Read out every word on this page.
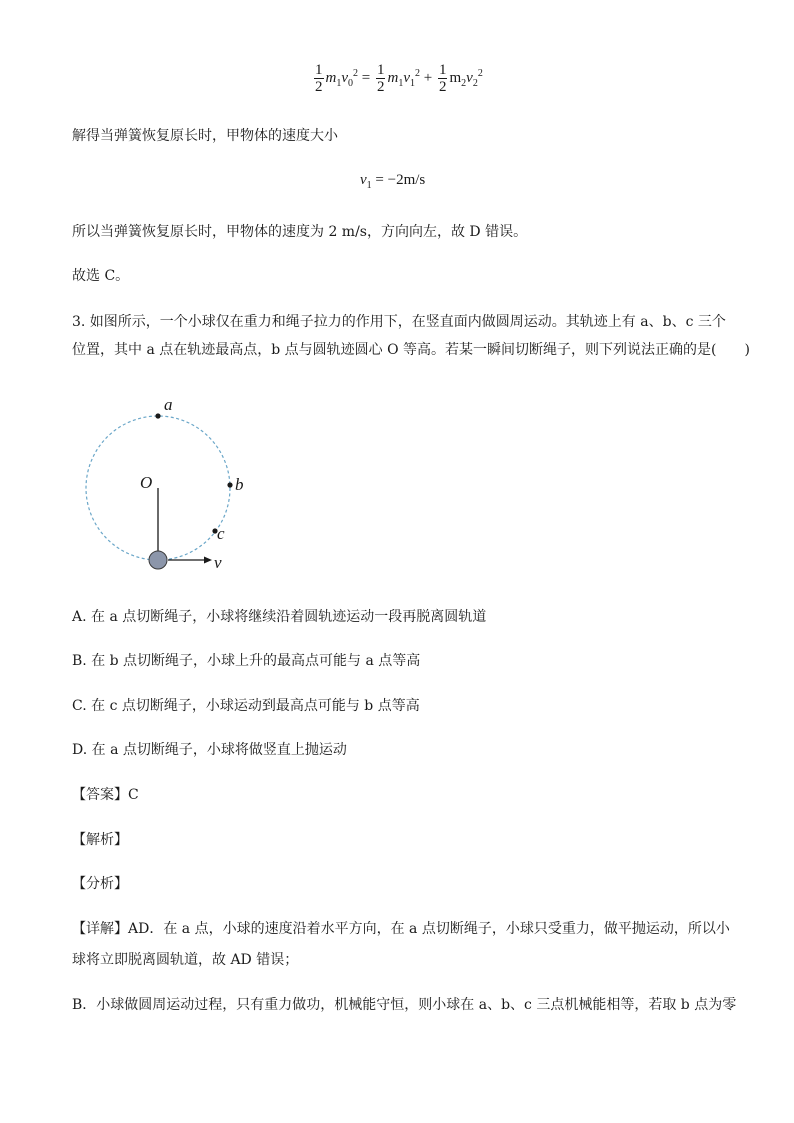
$\frac{1}{2} m_1v_0^2 = \frac{1}{2} m_1v_1^2 + \frac{1}{2} m_2v_2^2$
解得当弹簧恢复原长时，甲物体的速度大小
$v_1 = -2m/s$
所以当弹簧恢复原长时，甲物体的速度为 2 m/s，方向向左，故 D 错误。
故选 C。
3. 如图所示，一个小球仅在重力和绳子拉力的作用下，在竖直面内做圆周运动。其轨迹上有 a、b、c 三个
位置，其中 a 点在轨迹最高点，b 点与圆轨迹圆心 O 等高。若某一瞬间切断绳子，则下列说法正确的是(　　)
a
b
c
O
v
A. 在 a 点切断绳子，小球将继续沿着圆轨迹运动一段再脱离圆轨道
B. 在 b 点切断绳子，小球上升的最高点可能与 a 点等高
C. 在 c 点切断绳子，小球运动到最高点可能与 b 点等高
D. 在 a 点切断绳子，小球将做竖直上抛运动
【答案】C
【解析】
【分析】
【详解】AD．在 a 点，小球的速度沿着水平方向，在 a 点切断绳子，小球只受重力，做平抛运动，所以小
球将立即脱离圆轨道，故 AD 错误；
B．小球做圆周运动过程，只有重力做功，机械能守恒，则小球在 a、b、c 三点机械能相等，若取 b 点为零
